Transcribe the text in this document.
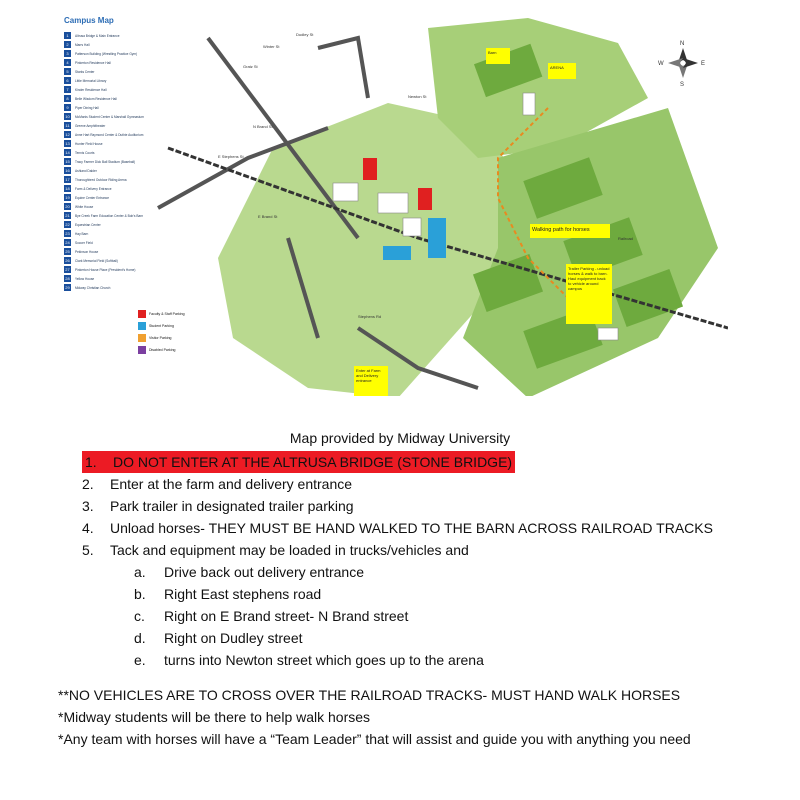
N
S
W	E
Dudley St
Newton St
E Stephens St
N Brand St
E Brand St
Winter St
Gratz St
Stephens Rd
Railroad
Campus Map
1	Altrusa Bridge & Main Entrance
2	Marrs Hall
3	Patterson Building (Wrestling Practice Gym)
4	Pinkerton Residence Hall
5	Starks Center
6	Little Memorial Library
7	Kinder Residence Hall
8	Belle Wisdom Residence Hall
9	Piper Dining Hall
10	McManis Student Center & Marshall Gymnasium
11	Greene Amphitheater
12	Anne Hart Raymond Center & Duthie Auditorium
13	Hunter Field House
14	Tennis Courts
15	Tracy Farmer Dick Ball Stadium (Baseball)
16	Ashland Dalder
17	Thoroughbred Outdoor Riding Arena
18	Farm & Delivery Entrance
19	Equine Center Entrance
20	White House
21	Bye Creek Farm Education Center & Bob's Barn
22	Equestrian Center
23	Hay Barn
24	Soccer Field
25	Pekinson House
26	Clark Memorial Field (Softball)
27	Pinkerton House Place (President's Home)
28	Yellow House
29	Midway Christian Church
Barn
ARENA
Walking path for horses
Trailer Parking - unload horses & walk to barn. Haul equipment back to vehicle around campus
Enter at Farm and Delivery entrance
Faculty & Staff Parking
Student Parking
Visitor Parking
Disabled Parking
Map provided by Midway University
1. DO NOT ENTER AT THE ALTRUSA BRIDGE (STONE BRIDGE)
2.	Enter at the farm and delivery entrance
3.	Park trailer in designated trailer parking
4.	Unload horses- THEY MUST BE HAND WALKED TO THE BARN ACROSS RAILROAD TRACKS
5.	Tack and equipment may be loaded in trucks/vehicles and
a.	Drive back out delivery entrance
b.	Right East stephens road
c.	Right on E Brand street- N Brand street
d.	Right on Dudley street
e.	turns into Newton street which goes up to the arena
**NO VEHICLES ARE TO CROSS OVER THE RAILROAD TRACKS- MUST HAND WALK HORSES
*Midway students will be there to help walk horses
*Any team with horses will have a “Team Leader” that will assist and guide you with anything you need
